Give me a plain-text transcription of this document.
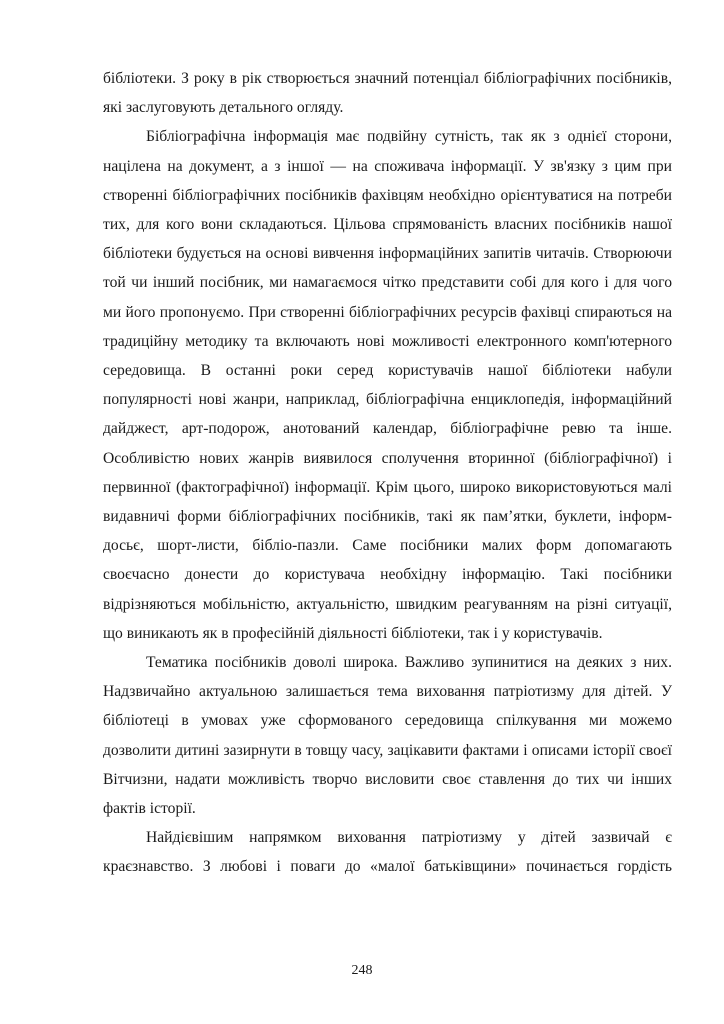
бібліотеки. З року в рік створюється значний потенціал бібліографічних посібників, які заслуговують детального огляду.

Бібліографічна інформація має подвійну сутність, так як з однієї сторони, націлена на документ, а з іншої — на споживача інформації. У зв'язку з цим при створенні бібліографічних посібників фахівцям необхідно орієнтуватися на потреби тих, для кого вони складаються. Цільова спрямованість власних посібників нашої бібліотеки будується на основі вивчення інформаційних запитів читачів. Створюючи той чи інший посібник, ми намагаємося чітко представити собі для кого і для чого ми його пропонуємо. При створенні бібліографічних ресурсів фахівці спираються на традиційну методику та включають нові можливості електронного комп'ютерного середовища. В останні роки серед користувачів нашої бібліотеки набули популярності нові жанри, наприклад, бібліографічна енциклопедія, інформаційний дайджест, арт-подорож, анотований календар, бібліографічне ревю та інше. Особливістю нових жанрів виявилося сполучення вторинної (бібліографічної) і первинної (фактографічної) інформації. Крім цього, широко використовуються малі видавничі форми бібліографічних посібників, такі як пам’ятки, буклети, інформ-досьє, шорт-листи, бібліо-пазли. Саме посібники малих форм допомагають своєчасно донести до користувача необхідну інформацію. Такі посібники відрізняються мобільністю, актуальністю, швидким реагуванням на різні ситуації, що виникають як в професійній діяльності бібліотеки, так і у користувачів.

Тематика посібників доволі широка. Важливо зупинитися на деяких з них. Надзвичайно актуальною залишається тема виховання патріотизму для дітей. У бібліотеці в умовах уже сформованого середовища спілкування ми можемо дозволити дитині зазирнути в товщу часу, зацікавити фактами і описами історії своєї Вітчизни, надати можливість творчо висловити своє ставлення до тих чи інших фактів історії.

Найдієвішим напрямком виховання патріотизму у дітей зазвичай є краєзнавство. З любові і поваги до «малої батьківщини» починається гордість

248
